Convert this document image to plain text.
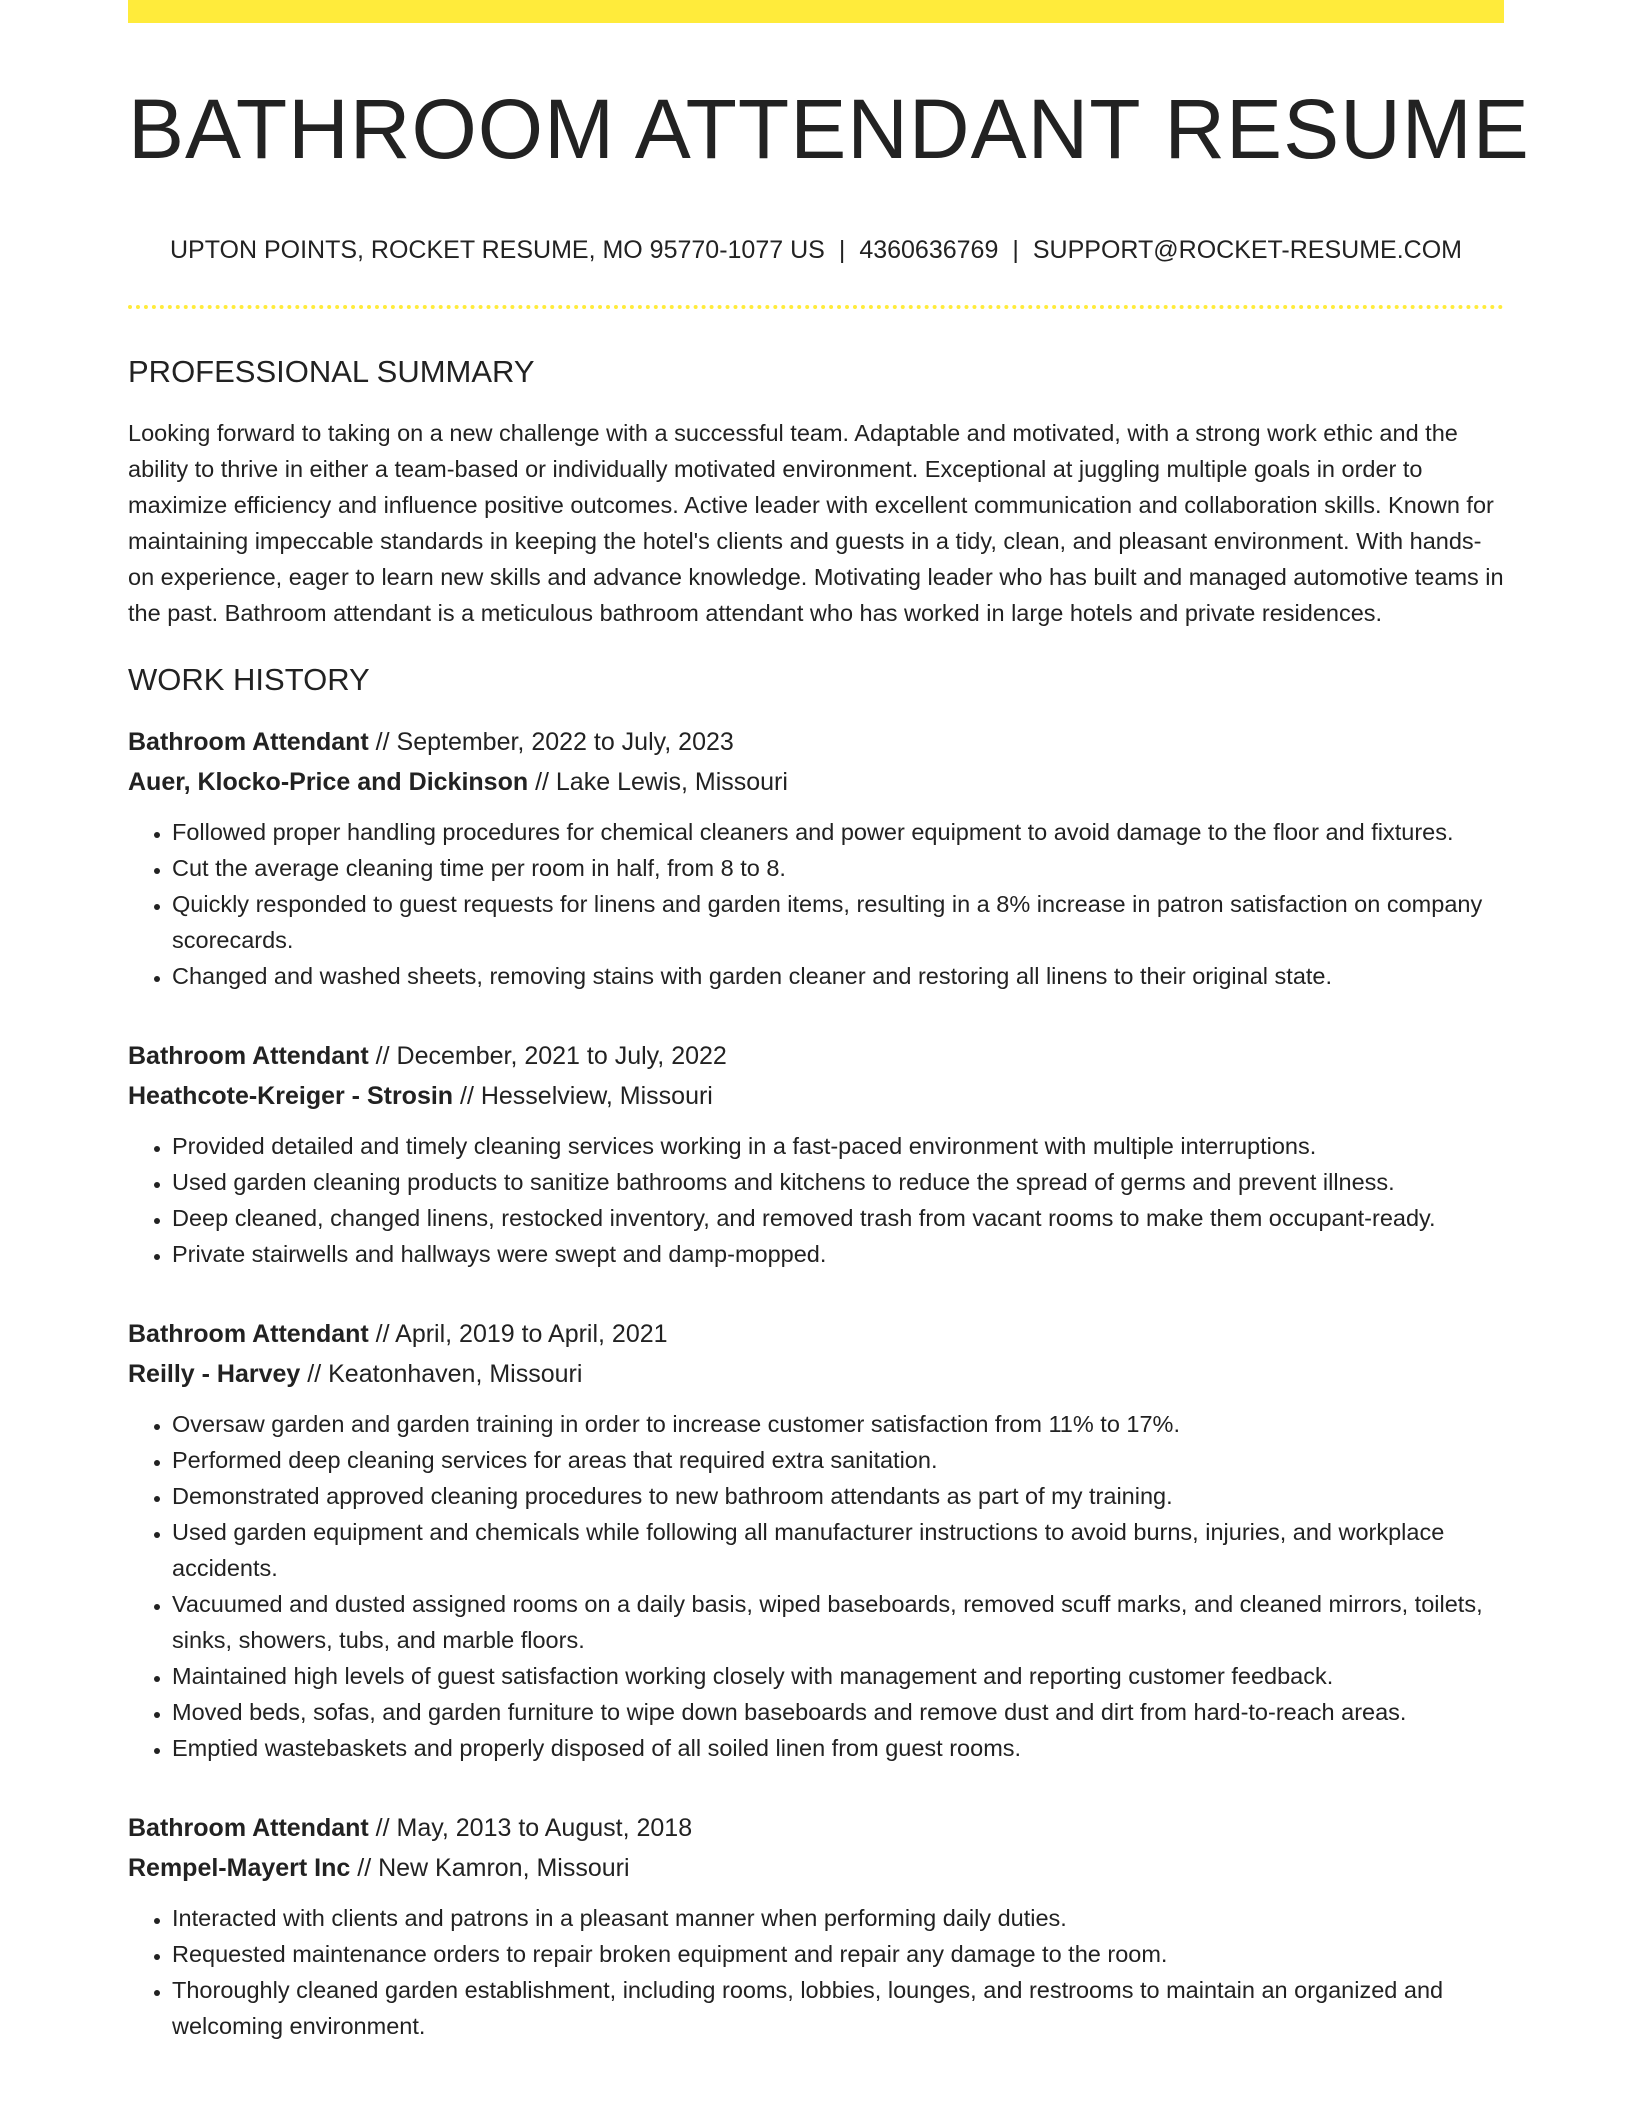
BATHROOM ATTENDANT RESUME
UPTON POINTS, ROCKET RESUME, MO 95770-1077 US | 4360636769 | SUPPORT@ROCKET-RESUME.COM
PROFESSIONAL SUMMARY

Looking forward to taking on a new challenge with a successful team. Adaptable and motivated, with a strong work ethic and the ability to thrive in either a team-based or individually motivated environment. Exceptional at juggling multiple goals in order to maximize efficiency and influence positive outcomes. Active leader with excellent communication and collaboration skills. Known for maintaining impeccable standards in keeping the hotel's clients and guests in a tidy, clean, and pleasant environment. With hands-on experience, eager to learn new skills and advance knowledge. Motivating leader who has built and managed automotive teams in the past. Bathroom attendant is a meticulous bathroom attendant who has worked in large hotels and private residences.

WORK HISTORY
Bathroom Attendant // September, 2022 to July, 2023
Auer, Klocko-Price and Dickinson // Lake Lewis, Missouri
• Followed proper handling procedures for chemical cleaners and power equipment to avoid damage to the floor and fixtures.
• Cut the average cleaning time per room in half, from 8 to 8.
• Quickly responded to guest requests for linens and garden items, resulting in a 8% increase in patron satisfaction on company scorecards.
• Changed and washed sheets, removing stains with garden cleaner and restoring all linens to their original state.
Bathroom Attendant // December, 2021 to July, 2022
Heathcote-Kreiger - Strosin // Hesselview, Missouri
• Provided detailed and timely cleaning services working in a fast-paced environment with multiple interruptions.
• Used garden cleaning products to sanitize bathrooms and kitchens to reduce the spread of germs and prevent illness.
• Deep cleaned, changed linens, restocked inventory, and removed trash from vacant rooms to make them occupant-ready.
• Private stairwells and hallways were swept and damp-mopped.
Bathroom Attendant // April, 2019 to April, 2021
Reilly - Harvey // Keatonhaven, Missouri
• Oversaw garden and garden training in order to increase customer satisfaction from 11% to 17%.
• Performed deep cleaning services for areas that required extra sanitation.
• Demonstrated approved cleaning procedures to new bathroom attendants as part of my training.
• Used garden equipment and chemicals while following all manufacturer instructions to avoid burns, injuries, and workplace accidents.
• Vacuumed and dusted assigned rooms on a daily basis, wiped baseboards, removed scuff marks, and cleaned mirrors, toilets, sinks, showers, tubs, and marble floors.
• Maintained high levels of guest satisfaction working closely with management and reporting customer feedback.
• Moved beds, sofas, and garden furniture to wipe down baseboards and remove dust and dirt from hard-to-reach areas.
• Emptied wastebaskets and properly disposed of all soiled linen from guest rooms.
Bathroom Attendant // May, 2013 to August, 2018
Rempel-Mayert Inc // New Kamron, Missouri
• Interacted with clients and patrons in a pleasant manner when performing daily duties.
• Requested maintenance orders to repair broken equipment and repair any damage to the room.
• Thoroughly cleaned garden establishment, including rooms, lobbies, lounges, and restrooms to maintain an organized and welcoming environment.
